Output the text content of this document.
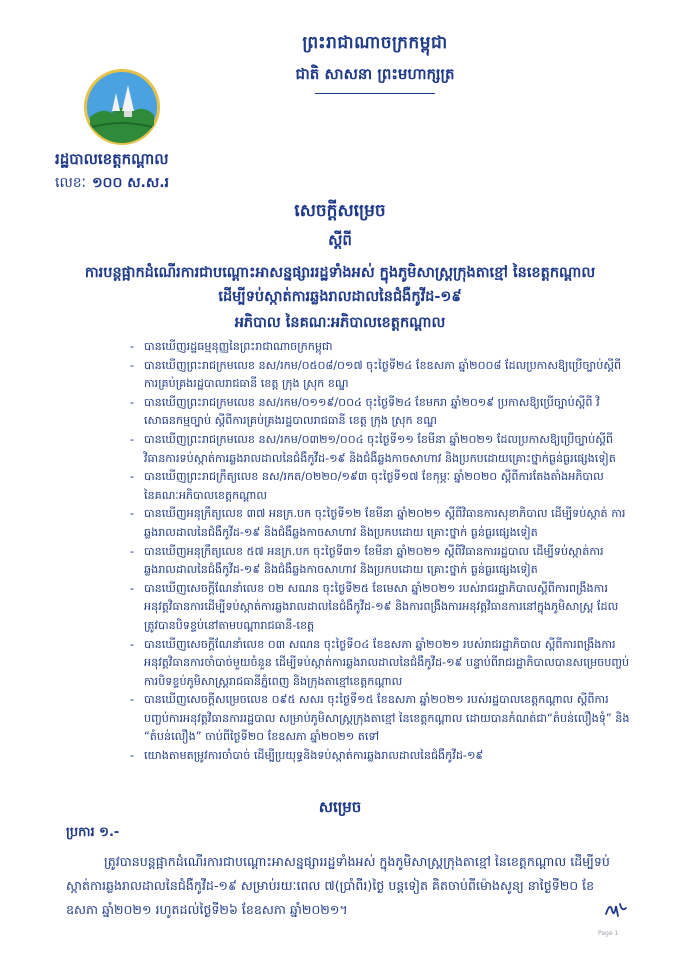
ព្រះរាជាណាចក្រកម្ពុជា
ជាតិ សាសនា ព្រះមហាក្សត្រ
រដ្ឋបាលខេត្តកណ្ដាល
លេខៈ ១០០ ស.ស.រ
សេចក្ដីសម្រេច
ស្ដីពី
ការបន្តផ្អាកដំណើរការជាបណ្ដោះអាសន្នផ្សាររដ្ឋទាំងអស់ ក្នុងភូមិសាស្ត្រក្រុងតាខ្មៅ នៃខេត្តកណ្ដាល ដើម្បីទប់ស្កាត់ការឆ្លងរាលដាលនៃជំងឺកូវីដ-១៩
អភិបាល នៃគណៈអភិបាលខេត្តកណ្ដាល
- បានឃើញរដ្ឋធម្មនុញ្ញនៃព្រះរាជាណាចក្រកម្ពុជា
- បានឃើញព្រះរាជក្រមលេខ នស/រកម/០៥០៨/០១៧ ចុះថ្ងៃទី២៤ ខែឧសភា ឆ្នាំ២០០៨ ដែលប្រកាសឱ្យប្រើច្បាប់ស្ដីពីការគ្រប់គ្រងរដ្ឋបាលរាជធានី ខេត្ត ក្រុង ស្រុក ខណ្ឌ
- បានឃើញព្រះរាជក្រមលេខ នស/រកម/០១១៩/០០៤ ចុះថ្ងៃទី២៤ ខែមករា ឆ្នាំ២០១៩ ប្រកាសឱ្យប្រើច្បាប់ស្ដីពី វិសោធនកម្មច្បាប់ ស្ដីពីការគ្រប់គ្រងរដ្ឋបាលរាជធានី ខេត្ត ក្រុង ស្រុក ខណ្ឌ
- បានឃើញព្រះរាជក្រមលេខ នស/រកម/០៣២១/០០៤ ចុះថ្ងៃទី១១ ខែមីនា ឆ្នាំ២០២១ ដែលប្រកាសឱ្យប្រើច្បាប់ស្ដីពី វិធានការទប់ស្កាត់ការឆ្លងរាលដាលនៃជំងឺកូវីដ-១៩ និងជំងឺឆ្លងកាចសាហាវ និងប្រកបដោយគ្រោះថ្នាក់ធ្ងន់ធ្ងរផ្សេងទៀត
- បានឃើញព្រះរាជក្រឹត្យលេខ នស/រកត/០២២០/១៩៣ ចុះថ្ងៃទី១៧ ខែកុម្ភៈ ឆ្នាំ២០២០ ស្ដីពីការតែងតាំងអភិបាលនៃគណៈអភិបាលខេត្តកណ្ដាល
- បានឃើញអនុក្រឹត្យលេខ ៣៧ អនក្រ.បក ចុះថ្ងៃទី១២ ខែមីនា ឆ្នាំ២០២១ ស្ដីពីវិធានការសុខាភិបាល ដើម្បីទប់ស្កាត់ ការឆ្លងរាលដាលនៃជំងឺកូវីដ-១៩ និងជំងឺឆ្លងកាចសាហាវ និងប្រកបដោយ គ្រោះថ្នាក់ ធ្ងន់ធ្ងរផ្សេងទៀត
- បានឃើញអនុក្រឹត្យលេខ ៥៧ អនក្រ.បក ចុះថ្ងៃទី៣១ ខែមីនា ឆ្នាំ២០២១ ស្ដីពីវិធានការរដ្ឋបាល ដើម្បីទប់ស្កាត់ការឆ្លងរាលដាលនៃជំងឺកូវីដ-១៩ និងជំងឺឆ្លងកាចសាហាវ និងប្រកបដោយ គ្រោះថ្នាក់ ធ្ងន់ធ្ងរផ្សេងទៀត
- បានឃើញសេចក្ដីណែនាំលេខ ០២ សណន ចុះថ្ងៃទី២៥ ខែមេសា ឆ្នាំ២០២១ របស់រាជរដ្ឋាភិបាលស្ដីពីការពង្រឹងការអនុវត្តវិធានការដើម្បីទប់ស្កាត់ការឆ្លងរាលដាលនៃជំងឺកូវីដ-១៩ និងការពង្រឹងការអនុវត្តវិធានការនៅក្នុងភូមិសាស្ត្រ ដែលត្រូវបានបិទខ្ទប់នៅតាមបណ្ដារាជធានី-ខេត្ត
- បានឃើញសេចក្ដីណែនាំលេខ ០៣ សណន ចុះថ្ងៃទី០៤ ខែឧសភា ឆ្នាំ២០២១ របស់រាជរដ្ឋាភិបាល ស្ដីពីការពង្រឹងការអនុវត្តវិធានការចាំបាច់មួយចំនួន ដើម្បីទប់ស្កាត់ការឆ្លងរាលដាលនៃជំងឺកូវីដ-១៩ បន្ទាប់ពីរាជរដ្ឋាភិបាលបានសម្រេចបញ្ចប់ការបិទខ្ទប់ភូមិសាស្ត្ររាជធានីភ្នំពេញ និងក្រុងតាខ្មៅខេត្តកណ្ដាល
- បានឃើញសេចក្ដីសម្រេចលេខ ០៩៥ សសរ ចុះថ្ងៃទី១៥ ខែឧសភា ឆ្នាំ២០២១ របស់រដ្ឋបាលខេត្តកណ្ដាល ស្ដីពីការបញ្ចប់ការអនុវត្តវិធានការរដ្ឋបាល សម្រាប់ភូមិសាស្ត្រក្រុងតាខ្មៅ នៃខេត្តកណ្ដាល ដោយបានកំណត់ជា“តំបន់លឿងទុំ” និង “តំបន់លឿង” ចាប់ពីថ្ងៃទី២០ ខែឧសភា ឆ្នាំ២០២១ តទៅ
- យោងតាមតម្រូវការចាំបាច់ ដើម្បីប្រយុទ្ធនិងទប់ស្កាត់ការឆ្លងរាលដាលនៃជំងឺកូវីដ-១៩
សម្រេច
ប្រការ ១.-
ត្រូវបានបន្តផ្អាកដំណើរការជាបណ្ដោះអាសន្នផ្សាររដ្ឋទាំងអស់ ក្នុងភូមិសាស្ត្រក្រុងតាខ្មៅ នៃខេត្តកណ្ដាល ដើម្បីទប់ស្កាត់ការឆ្លងរាលដាលនៃជំងឺកូវីដ-១៩ សម្រាប់រយៈពេល ៧(ប្រាំពីរ)ថ្ងៃ បន្តទៀត គិតចាប់ពីម៉ោងសូន្យ នាថ្ងៃទី២០ ខែឧសភា ឆ្នាំ២០២១ រហូតដល់ថ្ងៃទី២៦ ខែឧសភា ឆ្នាំ២០២១។
Page 1
